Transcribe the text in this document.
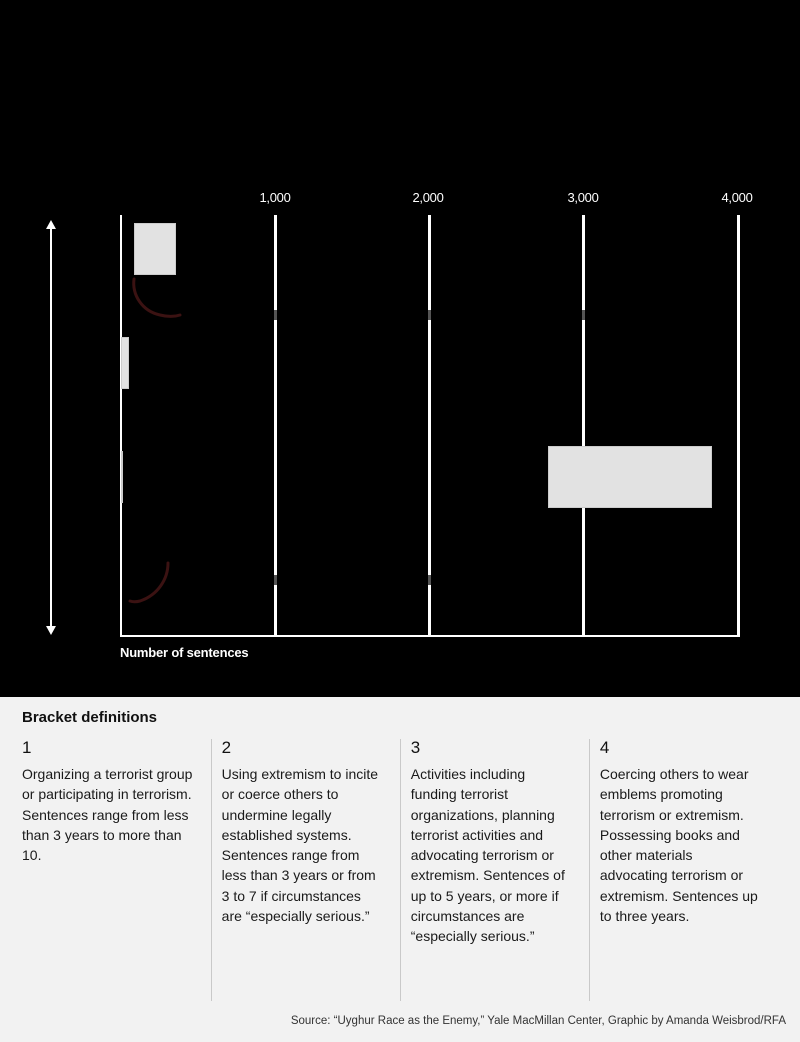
1,000	2,000	3,000	4,000
Number of sentences
Bracket definitions
1
Organizing a terrorist group or participating in terrorism. Sentences range from less than 3 years to more than 10.
2
Using extremism to incite or coerce others to undermine legally established systems. Sentences range from less than 3 years or from 3 to 7 if circumstances are “especially serious.”
3
Activities including funding terrorist organizations, planning terrorist activities and advocating terrorism or extremism. Sentences of up to 5 years, or more if circumstances are “especially serious.”
4
Coercing others to wear emblems promoting terrorism or extremism. Possessing books and other materials advocating terrorism or extremism. Sentences up to three years.
Source: “Uyghur Race as the Enemy,” Yale MacMillan Center, Graphic by Amanda Weisbrod/RFA
